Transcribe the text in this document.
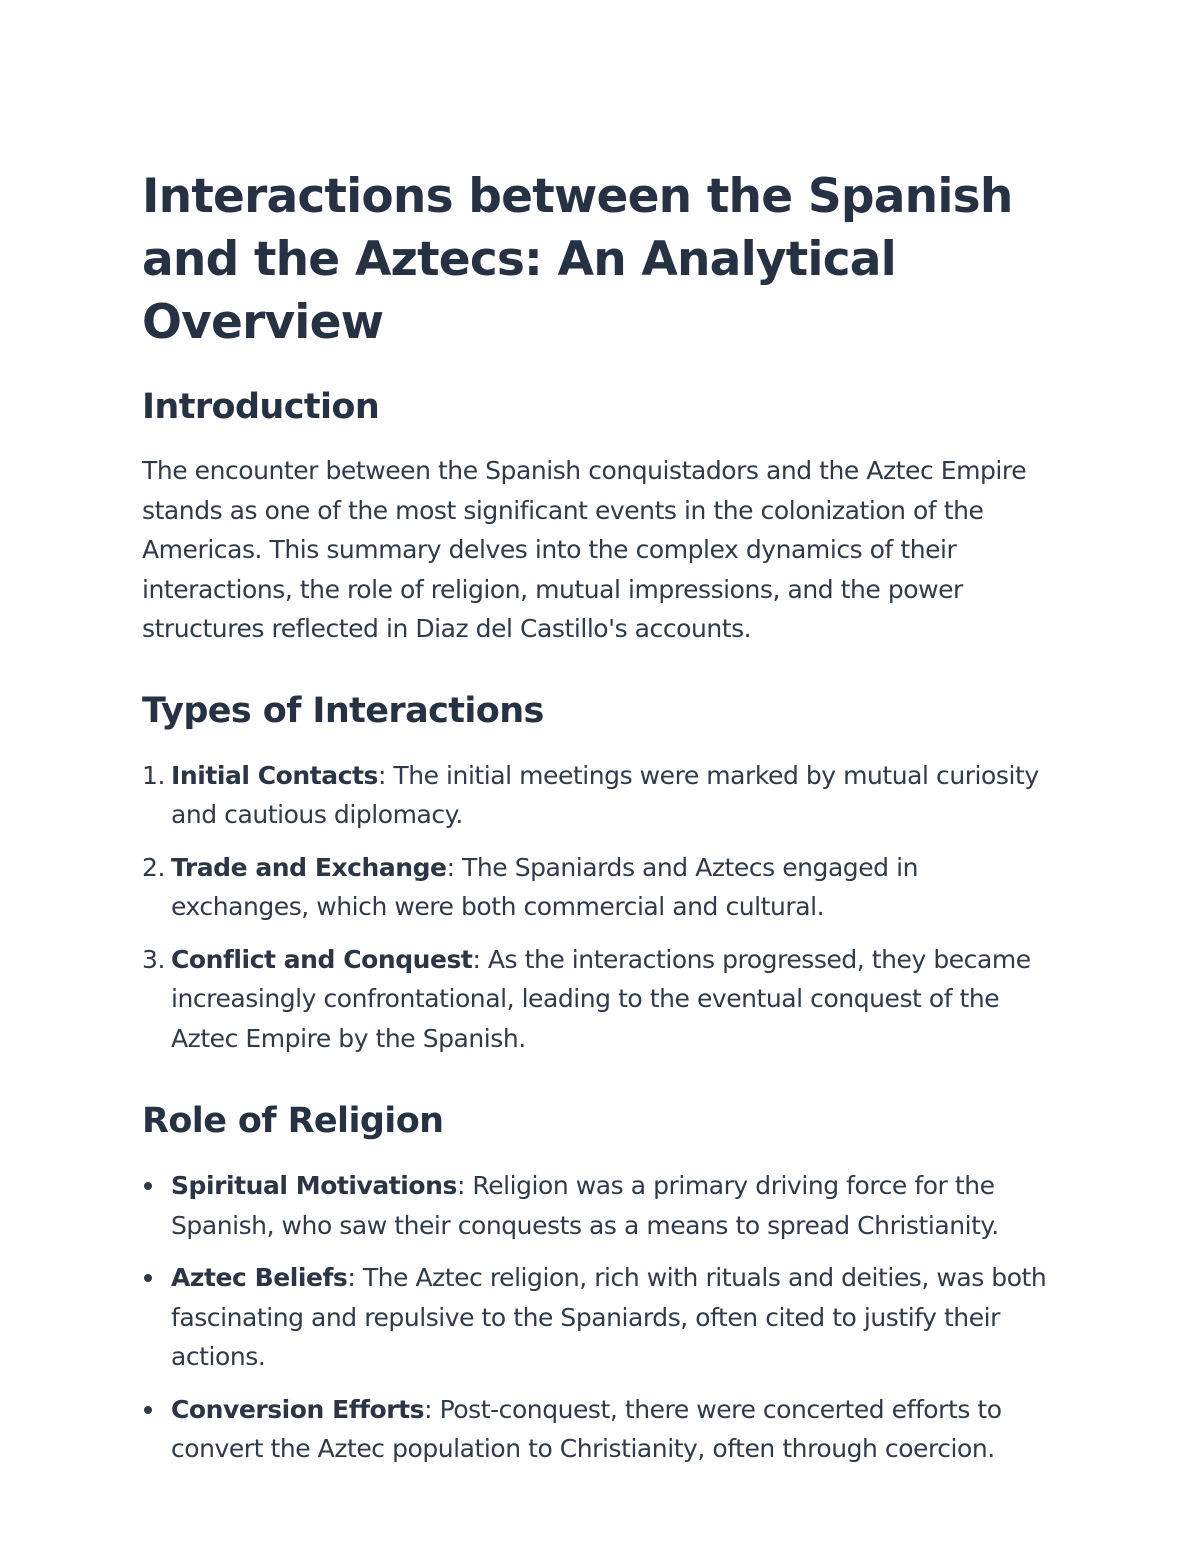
Interactions between the Spanish and the Aztecs: An Analytical Overview
Introduction

The encounter between the Spanish conquistadors and the Aztec Empire stands as one of the most significant events in the colonization of the Americas. This summary delves into the complex dynamics of their interactions, the role of religion, mutual impressions, and the power structures reflected in Diaz del Castillo's accounts.

Types of Interactions
1. Initial Contacts: The initial meetings were marked by mutual curiosity and cautious diplomacy.
2. Trade and Exchange: The Spaniards and Aztecs engaged in exchanges, which were both commercial and cultural.
3. Conflict and Conquest: As the interactions progressed, they became increasingly confrontational, leading to the eventual conquest of the Aztec Empire by the Spanish.
Role of Religion
Spiritual Motivations: Religion was a primary driving force for the Spanish, who saw their conquests as a means to spread Christianity.
Aztec Beliefs: The Aztec religion, rich with rituals and deities, was both fascinating and repulsive to the Spaniards, often cited to justify their actions.
Conversion Efforts: Post-conquest, there were concerted efforts to convert the Aztec population to Christianity, often through coercion.
